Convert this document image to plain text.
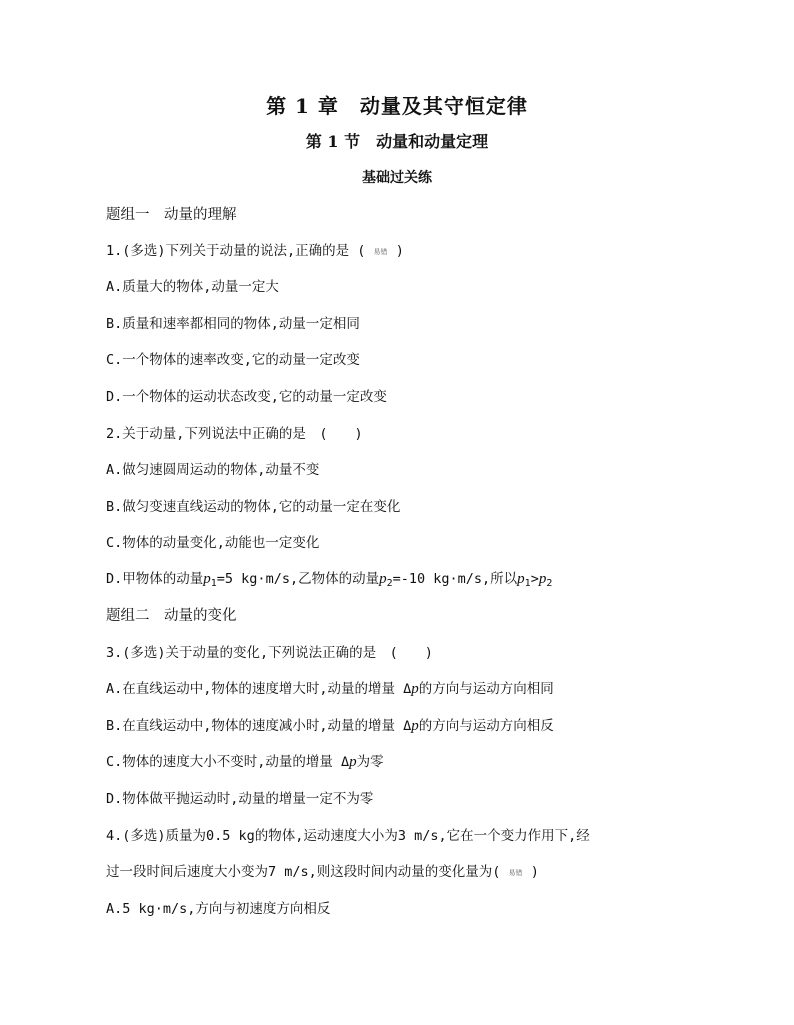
第 1 章　动量及其守恒定律
第 1 节　动量和动量定理
基础过关练
题组一　动量的理解
1.(多选)下列关于动量的说法,正确的是 ( 易错 )
A.质量大的物体,动量一定大
B.质量和速率都相同的物体,动量一定相同
C.一个物体的速率改变,它的动量一定改变
D.一个物体的运动状态改变,它的动量一定改变
2.关于动量,下列说法中正确的是　(　　)
A.做匀速圆周运动的物体,动量不变
B.做匀变速直线运动的物体,它的动量一定在变化
C.物体的动量变化,动能也一定变化
D.甲物体的动量$p_1=5$ kg·m/s,乙物体的动量$p_2=-10$ kg·m/s,所以$p_1>p_2$
题组二　动量的变化
3.(多选)关于动量的变化,下列说法正确的是　(　　)
A.在直线运动中,物体的速度增大时,动量的增量 Δp的方向与运动方向相同
B.在直线运动中,物体的速度减小时,动量的增量 Δp的方向与运动方向相反
C.物体的速度大小不变时,动量的增量 Δp为零
D.物体做平抛运动时,动量的增量一定不为零
4.(多选)质量为0.5 kg的物体,运动速度大小为3 m/s,它在一个变力作用下,经
过一段时间后速度大小变为7 m/s,则这段时间内动量的变化量为( 易错 )
A.5 kg·m/s,方向与初速度方向相反
